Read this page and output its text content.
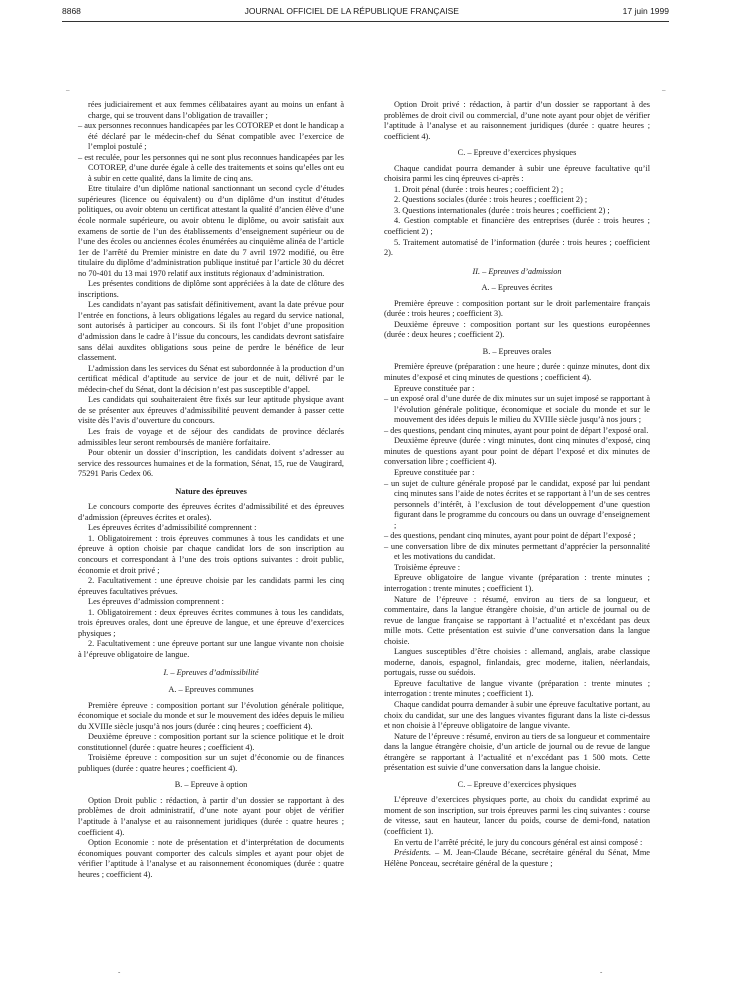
8868	JOURNAL OFFICIEL DE LA RÉPUBLIQUE FRANÇAISE	17 juin 1999
–	–

rées judiciairement et aux femmes célibataires ayant au moins un enfant à charge, qui se trouvent dans l’obligation de travailler ;

– aux personnes reconnues handicapées par les COTOREP et dont le handicap a été déclaré par le médecin-chef du Sénat compatible avec l’exercice de l’emploi postulé ;

– est reculée, pour les personnes qui ne sont plus reconnues handicapées par les COTOREP, d’une durée égale à celle des traitements et soins qu’elles ont eu à subir en cette qualité, dans la limite de cinq ans.

Etre titulaire d’un diplôme national sanctionnant un second cycle d’études supérieures (licence ou équivalent) ou d’un diplôme d’un institut d’études politiques, ou avoir obtenu un certificat attestant la qualité d’ancien élève d’une école normale supérieure, ou avoir obtenu le diplôme, ou avoir satisfait aux examens de sortie de l’un des établissements d’enseignement supérieur ou de l’une des écoles ou anciennes écoles énumérées au cinquième alinéa de l’article 1er de l’arrêté du Premier ministre en date du 7 avril 1972 modifié, ou être titulaire du diplôme d’administration publique institué par l’article 30 du décret no 70-401 du 13 mai 1970 relatif aux instituts régionaux d’administration.

Les présentes conditions de diplôme sont appréciées à la date de clôture des inscriptions.

Les candidats n’ayant pas satisfait définitivement, avant la date prévue pour l’entrée en fonctions, à leurs obligations légales au regard du service national, sont autorisés à participer au concours. Si ils font l’objet d’une proposition d’admission dans le cadre à l’issue du concours, les candidats devront satisfaire sans délai auxdites obligations sous peine de perdre le bénéfice de leur classement.

L’admission dans les services du Sénat est subordonnée à la production d’un certificat médical d’aptitude au service de jour et de nuit, délivré par le médecin-chef du Sénat, dont la décision n’est pas susceptible d’appel.

Les candidats qui souhaiteraient être fixés sur leur aptitude physique avant de se présenter aux épreuves d’admissibilité peuvent demander à passer cette visite dès l’avis d’ouverture du concours.

Les frais de voyage et de séjour des candidats de province déclarés admissibles leur seront remboursés de manière forfaitaire.

Pour obtenir un dossier d’inscription, les candidats doivent s’adresser au service des ressources humaines et de la formation, Sénat, 15, rue de Vaugirard, 75291 Paris Cedex 06.

Nature des épreuves

Le concours comporte des épreuves écrites d’admissibilité et des épreuves d’admission (épreuves écrites et orales).

Les épreuves écrites d’admissibilité comprennent :

1. Obligatoirement : trois épreuves communes à tous les candidats et une épreuve à option choisie par chaque candidat lors de son inscription au concours et correspondant à l’une des trois options suivantes : droit public, économie et droit privé ;

2. Facultativement : une épreuve choisie par les candidats parmi les cinq épreuves facultatives prévues.

Les épreuves d’admission comprennent :

1. Obligatoirement : deux épreuves écrites communes à tous les candidats, trois épreuves orales, dont une épreuve de langue, et une épreuve d’exercices physiques ;

2. Facultativement : une épreuve portant sur une langue vivante non choisie à l’épreuve obligatoire de langue.

I. – Epreuves d’admissibilité

A. – Epreuves communes

Première épreuve : composition portant sur l’évolution générale politique, économique et sociale du monde et sur le mouvement des idées depuis le milieu du XVIIIe siècle jusqu’à nos jours (durée : cinq heures ; coefficient 4).

Deuxième épreuve : composition portant sur la science politique et le droit constitutionnel (durée : quatre heures ; coefficient 4).

Troisième épreuve : composition sur un sujet d’économie ou de finances publiques (durée : quatre heures ; coefficient 4).

B. – Epreuve à option

Option Droit public : rédaction, à partir d’un dossier se rapportant à des problèmes de droit administratif, d’une note ayant pour objet de vérifier l’aptitude à l’analyse et au raisonnement juridiques (durée : quatre heures ; coefficient 4).

Option Economie : note de présentation et d’interprétation de documents économiques pouvant comporter des calculs simples et ayant pour objet de vérifier l’aptitude à l’analyse et au raisonnement économiques (durée : quatre heures ; coefficient 4).

Option Droit privé : rédaction, à partir d’un dossier se rapportant à des problèmes de droit civil ou commercial, d’une note ayant pour objet de vérifier l’aptitude à l’analyse et au raisonnement juridiques (durée : quatre heures ; coefficient 4).

C. – Epreuve d’exercices physiques

Chaque candidat pourra demander à subir une épreuve facultative qu’il choisira parmi les cinq épreuves ci-après :

1. Droit pénal (durée : trois heures ; coefficient 2) ;

2. Questions sociales (durée : trois heures ; coefficient 2) ;

3. Questions internationales (durée : trois heures ; coefficient 2) ;

4. Gestion comptable et financière des entreprises (durée : trois heures ; coefficient 2) ;

5. Traitement automatisé de l’information (durée : trois heures ; coefficient 2).

II. – Epreuves d’admission

A. – Epreuves écrites

Première épreuve : composition portant sur le droit parlementaire français (durée : trois heures ; coefficient 3).

Deuxième épreuve : composition portant sur les questions européennes (durée : deux heures ; coefficient 2).

B. – Epreuves orales

Première épreuve (préparation : une heure ; durée : quinze minutes, dont dix minutes d’exposé et cinq minutes de questions ; coefficient 4).

Epreuve constituée par :

– un exposé oral d’une durée de dix minutes sur un sujet imposé se rapportant à l’évolution générale politique, économique et sociale du monde et sur le mouvement des idées depuis le milieu du XVIIIe siècle jusqu’à nos jours ;

– des questions, pendant cinq minutes, ayant pour point de départ l’exposé oral.

Deuxième épreuve (durée : vingt minutes, dont cinq minutes d’exposé, cinq minutes de questions ayant pour point de départ l’exposé et dix minutes de conversation libre ; coefficient 4).

Epreuve constituée par :

– un sujet de culture générale proposé par le candidat, exposé par lui pendant cinq minutes sans l’aide de notes écrites et se rapportant à l’un de ses centres personnels d’intérêt, à l’exclusion de tout développement d’une question figurant dans le programme du concours ou dans un ouvrage d’enseignement ;

– des questions, pendant cinq minutes, ayant pour point de départ l’exposé ;

– une conversation libre de dix minutes permettant d’apprécier la personnalité et les motivations du candidat.

Troisième épreuve :

Epreuve obligatoire de langue vivante (préparation : trente minutes ; interrogation : trente minutes ; coefficient 1).

Nature de l’épreuve : résumé, environ au tiers de sa longueur, et commentaire, dans la langue étrangère choisie, d’un article de journal ou de revue de langue française se rapportant à l’actualité et n’excédant pas deux mille mots. Cette présentation est suivie d’une conversation dans la langue choisie.

Langues susceptibles d’être choisies : allemand, anglais, arabe classique moderne, danois, espagnol, finlandais, grec moderne, italien, néerlandais, portugais, russe ou suédois.

Epreuve facultative de langue vivante (préparation : trente minutes ; interrogation : trente minutes ; coefficient 1).

Chaque candidat pourra demander à subir une épreuve facultative portant, au choix du candidat, sur une des langues vivantes figurant dans la liste ci-dessus et non choisie à l’épreuve obligatoire de langue vivante.

Nature de l’épreuve : résumé, environ au tiers de sa longueur et commentaire dans la langue étrangère choisie, d’un article de journal ou de revue de langue étrangère se rapportant à l’actualité et n’excédant pas 1 500 mots. Cette présentation est suivie d’une conversation dans la langue choisie.

C. – Epreuve d’exercices physiques

L’épreuve d’exercices physiques porte, au choix du candidat exprimé au moment de son inscription, sur trois épreuves parmi les cinq suivantes : course de vitesse, saut en hauteur, lancer du poids, course de demi-fond, natation (coefficient 1).

En vertu de l’arrêté précité, le jury du concours général est ainsi composé :

Présidents. – M. Jean-Claude Bécane, secrétaire général du Sénat, Mme Hélène Ponceau, secrétaire général de la questure ;

-	-
